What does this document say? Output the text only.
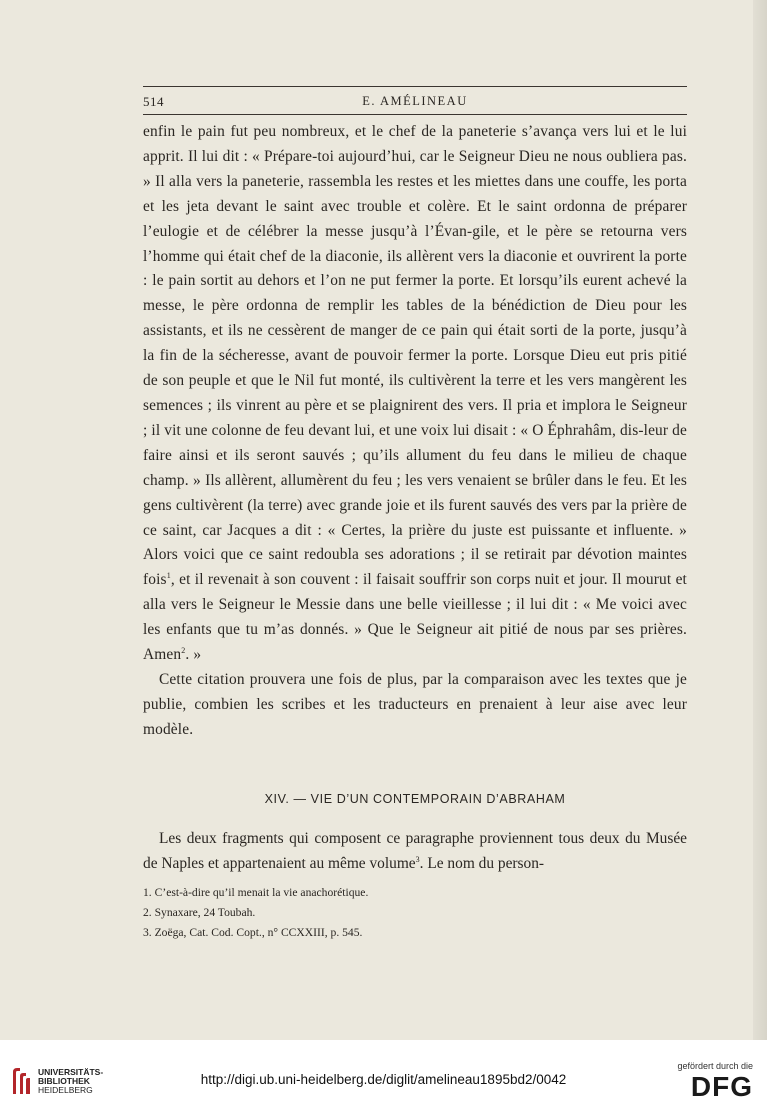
514	E. AMÉLINEAU

enfin le pain fut peu nombreux, et le chef de la paneterie s’avança vers lui et le lui apprit. Il lui dit : « Prépare-toi aujourd’hui, car le Seigneur Dieu ne nous oubliera pas. » Il alla vers la paneterie, rassembla les restes et les miettes dans une couffe, les porta et les jeta devant le saint avec trouble et colère. Et le saint ordonna de préparer l’eulogie et de célébrer la messe jusqu’à l’Évan-gile, et le père se retourna vers l’homme qui était chef de la diaconie, ils allèrent vers la diaconie et ouvrirent la porte : le pain sortit au dehors et l’on ne put fermer la porte. Et lorsqu’ils eurent achevé la messe, le père ordonna de remplir les tables de la bénédiction de Dieu pour les assistants, et ils ne cessèrent de manger de ce pain qui était sorti de la porte, jusqu’à la fin de la sécheresse, avant de pouvoir fermer la porte. Lorsque Dieu eut pris pitié de son peuple et que le Nil fut monté, ils cultivèrent la terre et les vers mangèrent les semences ; ils vinrent au père et se plaignirent des vers. Il pria et implora le Seigneur ; il vit une colonne de feu devant lui, et une voix lui disait : « O Éphrahâm, dis-leur de faire ainsi et ils seront sauvés ; qu’ils allument du feu dans le milieu de chaque champ. » Ils allèrent, allumèrent du feu ; les vers venaient se brûler dans le feu. Et les gens cultivèrent (la terre) avec grande joie et ils furent sauvés des vers par la prière de ce saint, car Jacques a dit : « Certes, la prière du juste est puissante et influente. » Alors voici que ce saint redoubla ses adorations ; il se retirait par dévotion maintes fois$^1$, et il revenait à son couvent : il faisait souffrir son corps nuit et jour. Il mourut et alla vers le Seigneur le Messie dans une belle vieillesse ; il lui dit : « Me voici avec les enfants que tu m’as donnés. » Que le Seigneur ait pitié de nous par ses prières. Amen$^2$. »

Cette citation prouvera une fois de plus, par la comparaison avec les textes que je publie, combien les scribes et les traducteurs en prenaient à leur aise avec leur modèle.

XIV. — VIE D’UN CONTEMPORAIN D’ABRAHAM

Les deux fragments qui composent ce paragraphe proviennent tous deux du Musée de Naples et appartenaient au même volume$^3$. Le nom du person-

1. C’est-à-dire qu’il menait la vie anachorétique.
2. Synaxare, 24 Toubah.
3. Zoëga, Cat. Cod. Copt., n° CCXXIII, p. 545.
UNIVERSITÄTS-
BIBLIOTHEK
HEIDELBERG
http://digi.ub.uni-heidelberg.de/diglit/amelineau1895bd2/0042
gefördert durch die
DFG
